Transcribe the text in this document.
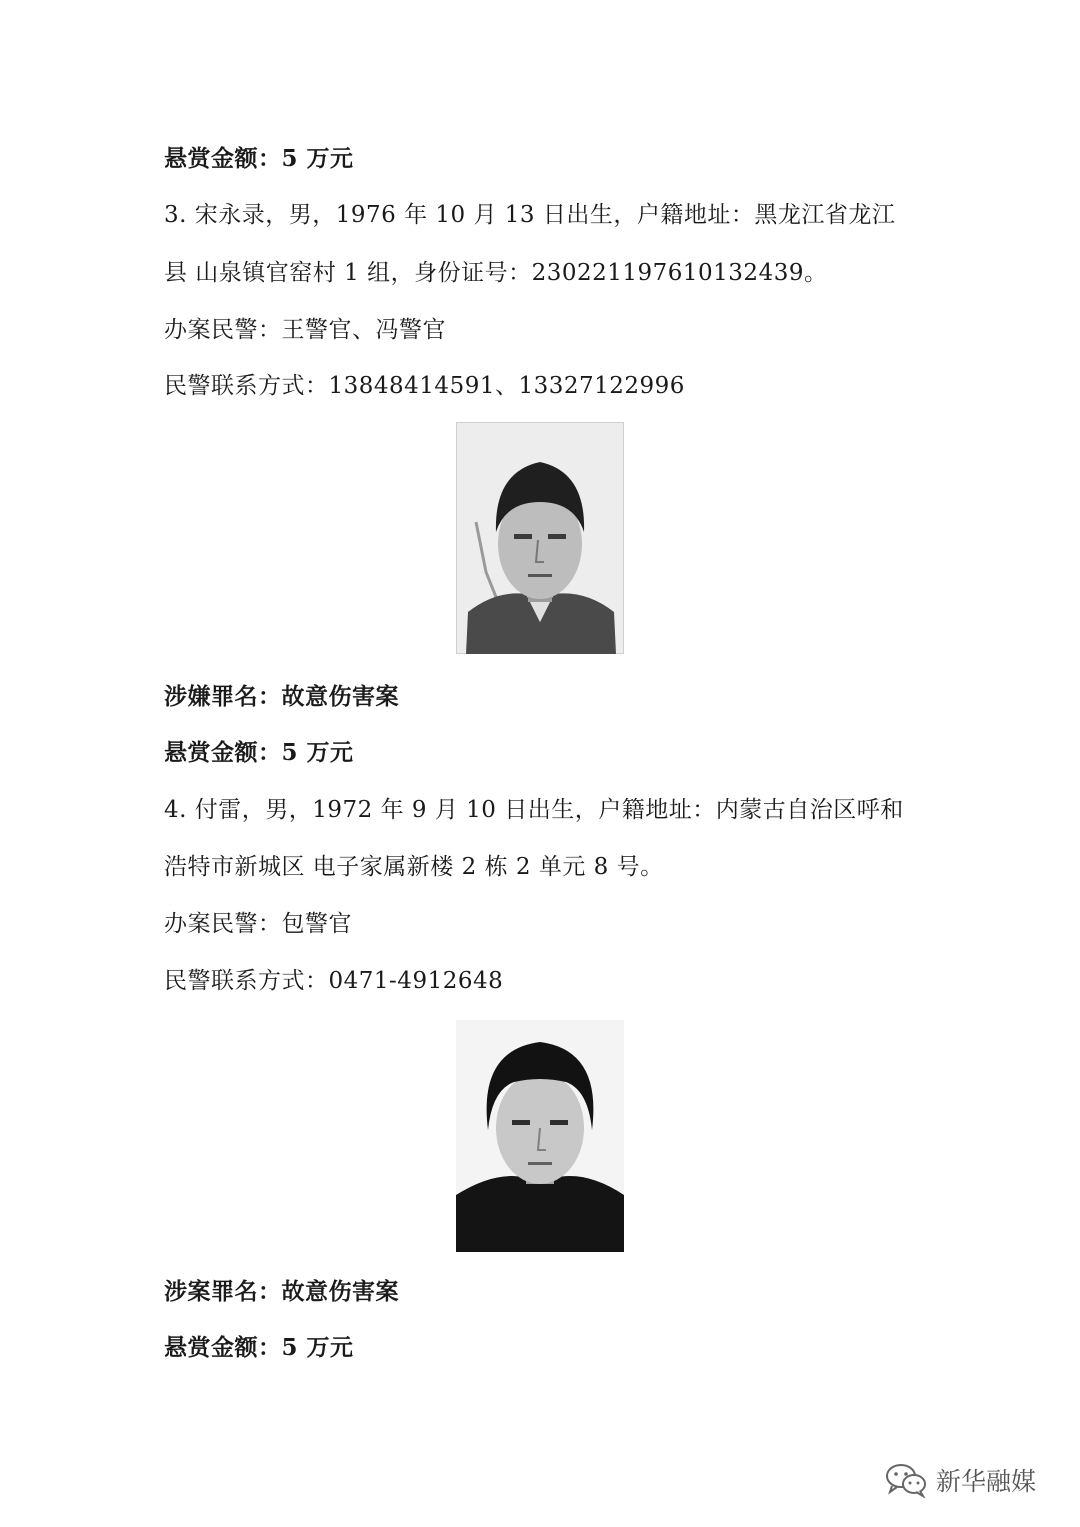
悬赏金额：5 万元
3. 宋永录，男，1976 年 10 月 13 日出生，户籍地址：黑龙江省龙江
县 山泉镇官窑村 1 组，身份证号：230221197610132439。
办案民警：王警官、冯警官
民警联系方式：13848414591、13327122996
涉嫌罪名：故意伤害案
悬赏金额：5 万元
4. 付雷，男，1972 年 9 月 10 日出生，户籍地址：内蒙古自治区呼和
浩特市新城区 电子家属新楼 2 栋 2 单元 8 号。
办案民警：包警官
民警联系方式：0471-4912648
涉案罪名：故意伤害案
悬赏金额：5 万元
新华融媒
